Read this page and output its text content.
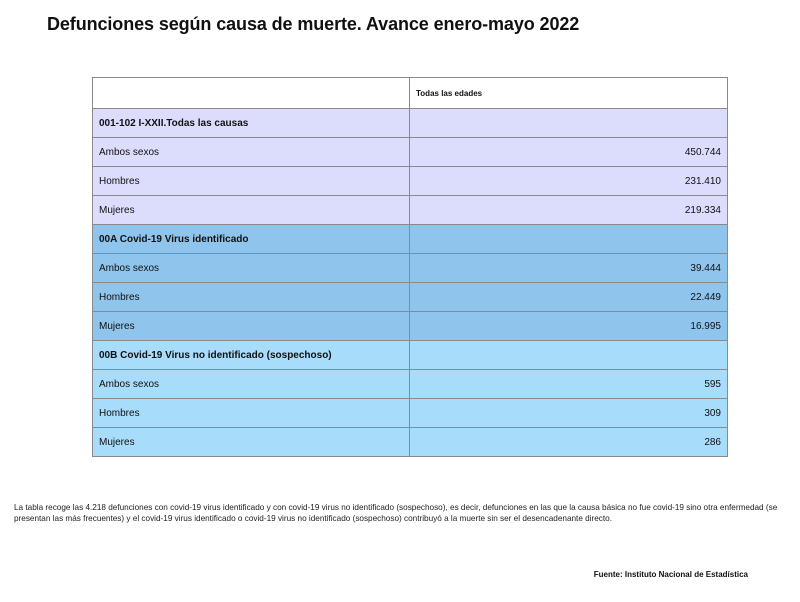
Defunciones según causa de muerte. Avance enero-mayo 2022
	Todas las edades
001-102 I-XXII.Todas las causas	
Ambos sexos	450.744
Hombres	231.410
Mujeres	219.334
00A Covid-19 Virus identificado	
Ambos sexos	39.444
Hombres	22.449
Mujeres	16.995
00B Covid-19 Virus no identificado (sospechoso)	
Ambos sexos	595
Hombres	309
Mujeres	286
La tabla recoge las 4.218 defunciones con covid-19 virus identificado y con covid-19 virus no identificado (sospechoso), es decir, defunciones en las que la causa básica no fue covid-19 sino otra enfermedad (se presentan las más frecuentes) y el covid-19 virus identificado o covid-19 virus no identificado (sospechoso) contribuyó a la muerte sin ser el desencadenante directo.
Fuente: Instituto Nacional de Estadística
